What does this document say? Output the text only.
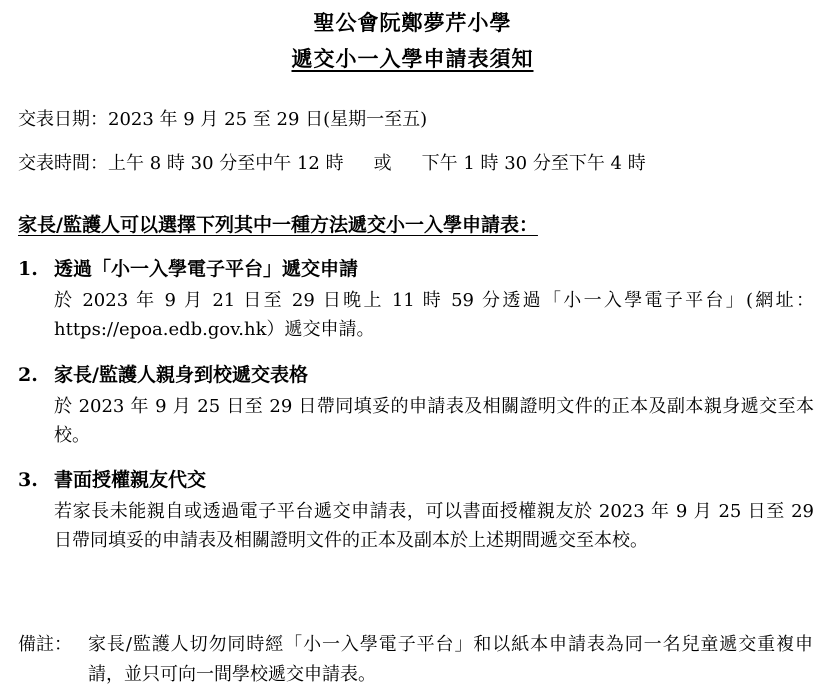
聖公會阮鄭夢芹小學
遞交小一入學申請表須知
交表日期：2023 年 9 月 25 至 29 日(星期一至五)
交表時間：上午 8 時 30 分至中午 12 時 或 下午 1 時 30 分至下午 4 時
家長/監護人可以選擇下列其中一種方法遞交小一入學申請表：
1. 透過「小一入學電子平台」遞交申請
於 2023 年 9 月 21 日至 29 日晚上 11 時 59 分透過「小一入學電子平台」(網址：https://epoa.edb.gov.hk）遞交申請。
2. 家長/監護人親身到校遞交表格
於 2023 年 9 月 25 日至 29 日帶同填妥的申請表及相關證明文件的正本及副本親身遞交至本校。
3. 書面授權親友代交
若家長未能親自或透過電子平台遞交申請表，可以書面授權親友於 2023 年 9 月 25 日至 29 日帶同填妥的申請表及相關證明文件的正本及副本於上述期間遞交至本校。
備註： 家長/監護人切勿同時經「小一入學電子平台」和以紙本申請表為同一名兒童遞交重複申請，並只可向一間學校遞交申請表。
